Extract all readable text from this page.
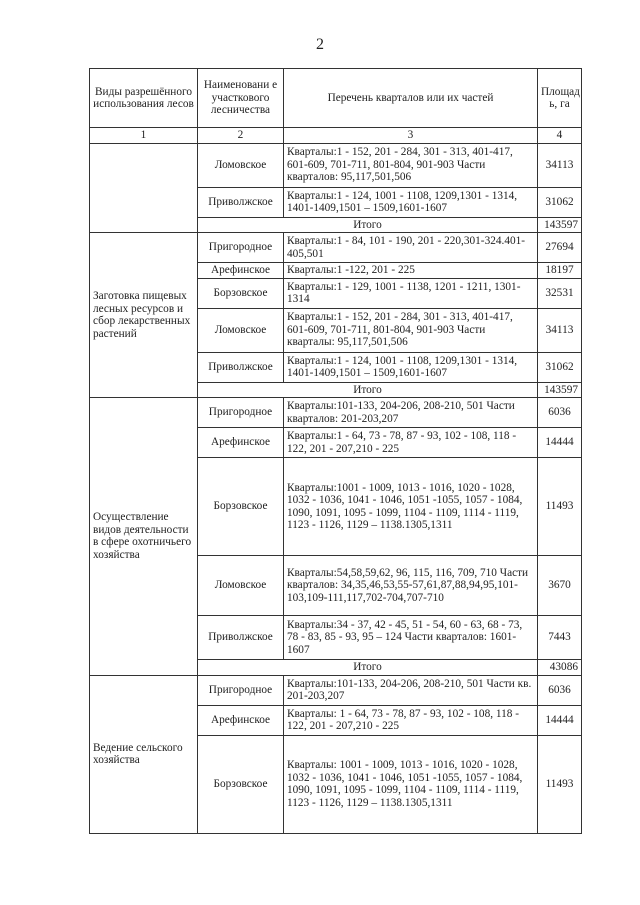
2
Виды разрешённого использования лесов	Наименовани е участкового лесничества	Перечень кварталов или их частей	Площад ь, га
1	2	3	4
	Ломовское	Кварталы:1 - 152, 201 - 284, 301 - 313, 401-417, 601-609, 701-711, 801-804, 901-903 Части кварталов: 95,117,501,506	34113
	Приволжское	Кварталы:1 - 124, 1001 - 1108, 1209,1301 - 1314, 1401-1409,1501 – 1509,1601-1607	31062
	Итого		143597
Заготовка пищевых лесных ресурсов и сбор лекарственных растений	Пригородное	Кварталы:1 - 84, 101 - 190, 201 - 220,301-324.401-405,501	27694
	Арефинское	Кварталы:1 -122, 201 - 225	18197
	Борзовское	Кварталы:1 - 129, 1001 - 1138, 1201 - 1211, 1301-1314	32531
	Ломовское	Кварталы:1 - 152, 201 - 284, 301 - 313, 401-417, 601-609, 701-711, 801-804, 901-903 Части кварталы: 95,117,501,506	34113
	Приволжское	Кварталы:1 - 124, 1001 - 1108, 1209,1301 - 1314, 1401-1409,1501 – 1509,1601-1607	31062
	Итого		143597
Осуществление видов деятельности в сфере охотничьего хозяйства	Пригородное	Кварталы:101-133, 204-206, 208-210, 501 Части кварталов: 201-203,207	6036
	Арефинское	Кварталы:1 - 64, 73 - 78, 87 - 93, 102 - 108, 118 - 122, 201 - 207,210 - 225	14444
	Борзовское	Кварталы:1001 - 1009, 1013 - 1016, 1020 - 1028, 1032 - 1036, 1041 - 1046, 1051 -1055, 1057 - 1084, 1090, 1091, 1095 - 1099, 1104 - 1109, 1114 - 1119, 1123 - 1126, 1129 – 1138.1305,1311	11493
	Ломовское	Кварталы:54,58,59,62, 96, 115, 116, 709, 710 Части кварталов: 34,35,46,53,55-57,61,87,88,94,95,101-103,109-111,117,702-704,707-710	3670
	Приволжское	Кварталы:34 - 37, 42 - 45, 51 - 54, 60 - 63, 68 - 73, 78 - 83, 85 - 93, 95 – 124 Части кварталов: 1601-1607	7443
	Итого		43086
Ведение сельского хозяйства	Пригородное	Кварталы:101-133, 204-206, 208-210, 501 Части кв. 201-203,207	6036
	Арефинское	Кварталы: 1 - 64, 73 - 78, 87 - 93, 102 - 108, 118 - 122, 201 - 207,210 - 225	14444
	Борзовское	Кварталы: 1001 - 1009, 1013 - 1016, 1020 - 1028, 1032 - 1036, 1041 - 1046, 1051 -1055, 1057 - 1084, 1090, 1091, 1095 - 1099, 1104 - 1109, 1114 - 1119, 1123 - 1126, 1129 – 1138.1305,1311	11493
